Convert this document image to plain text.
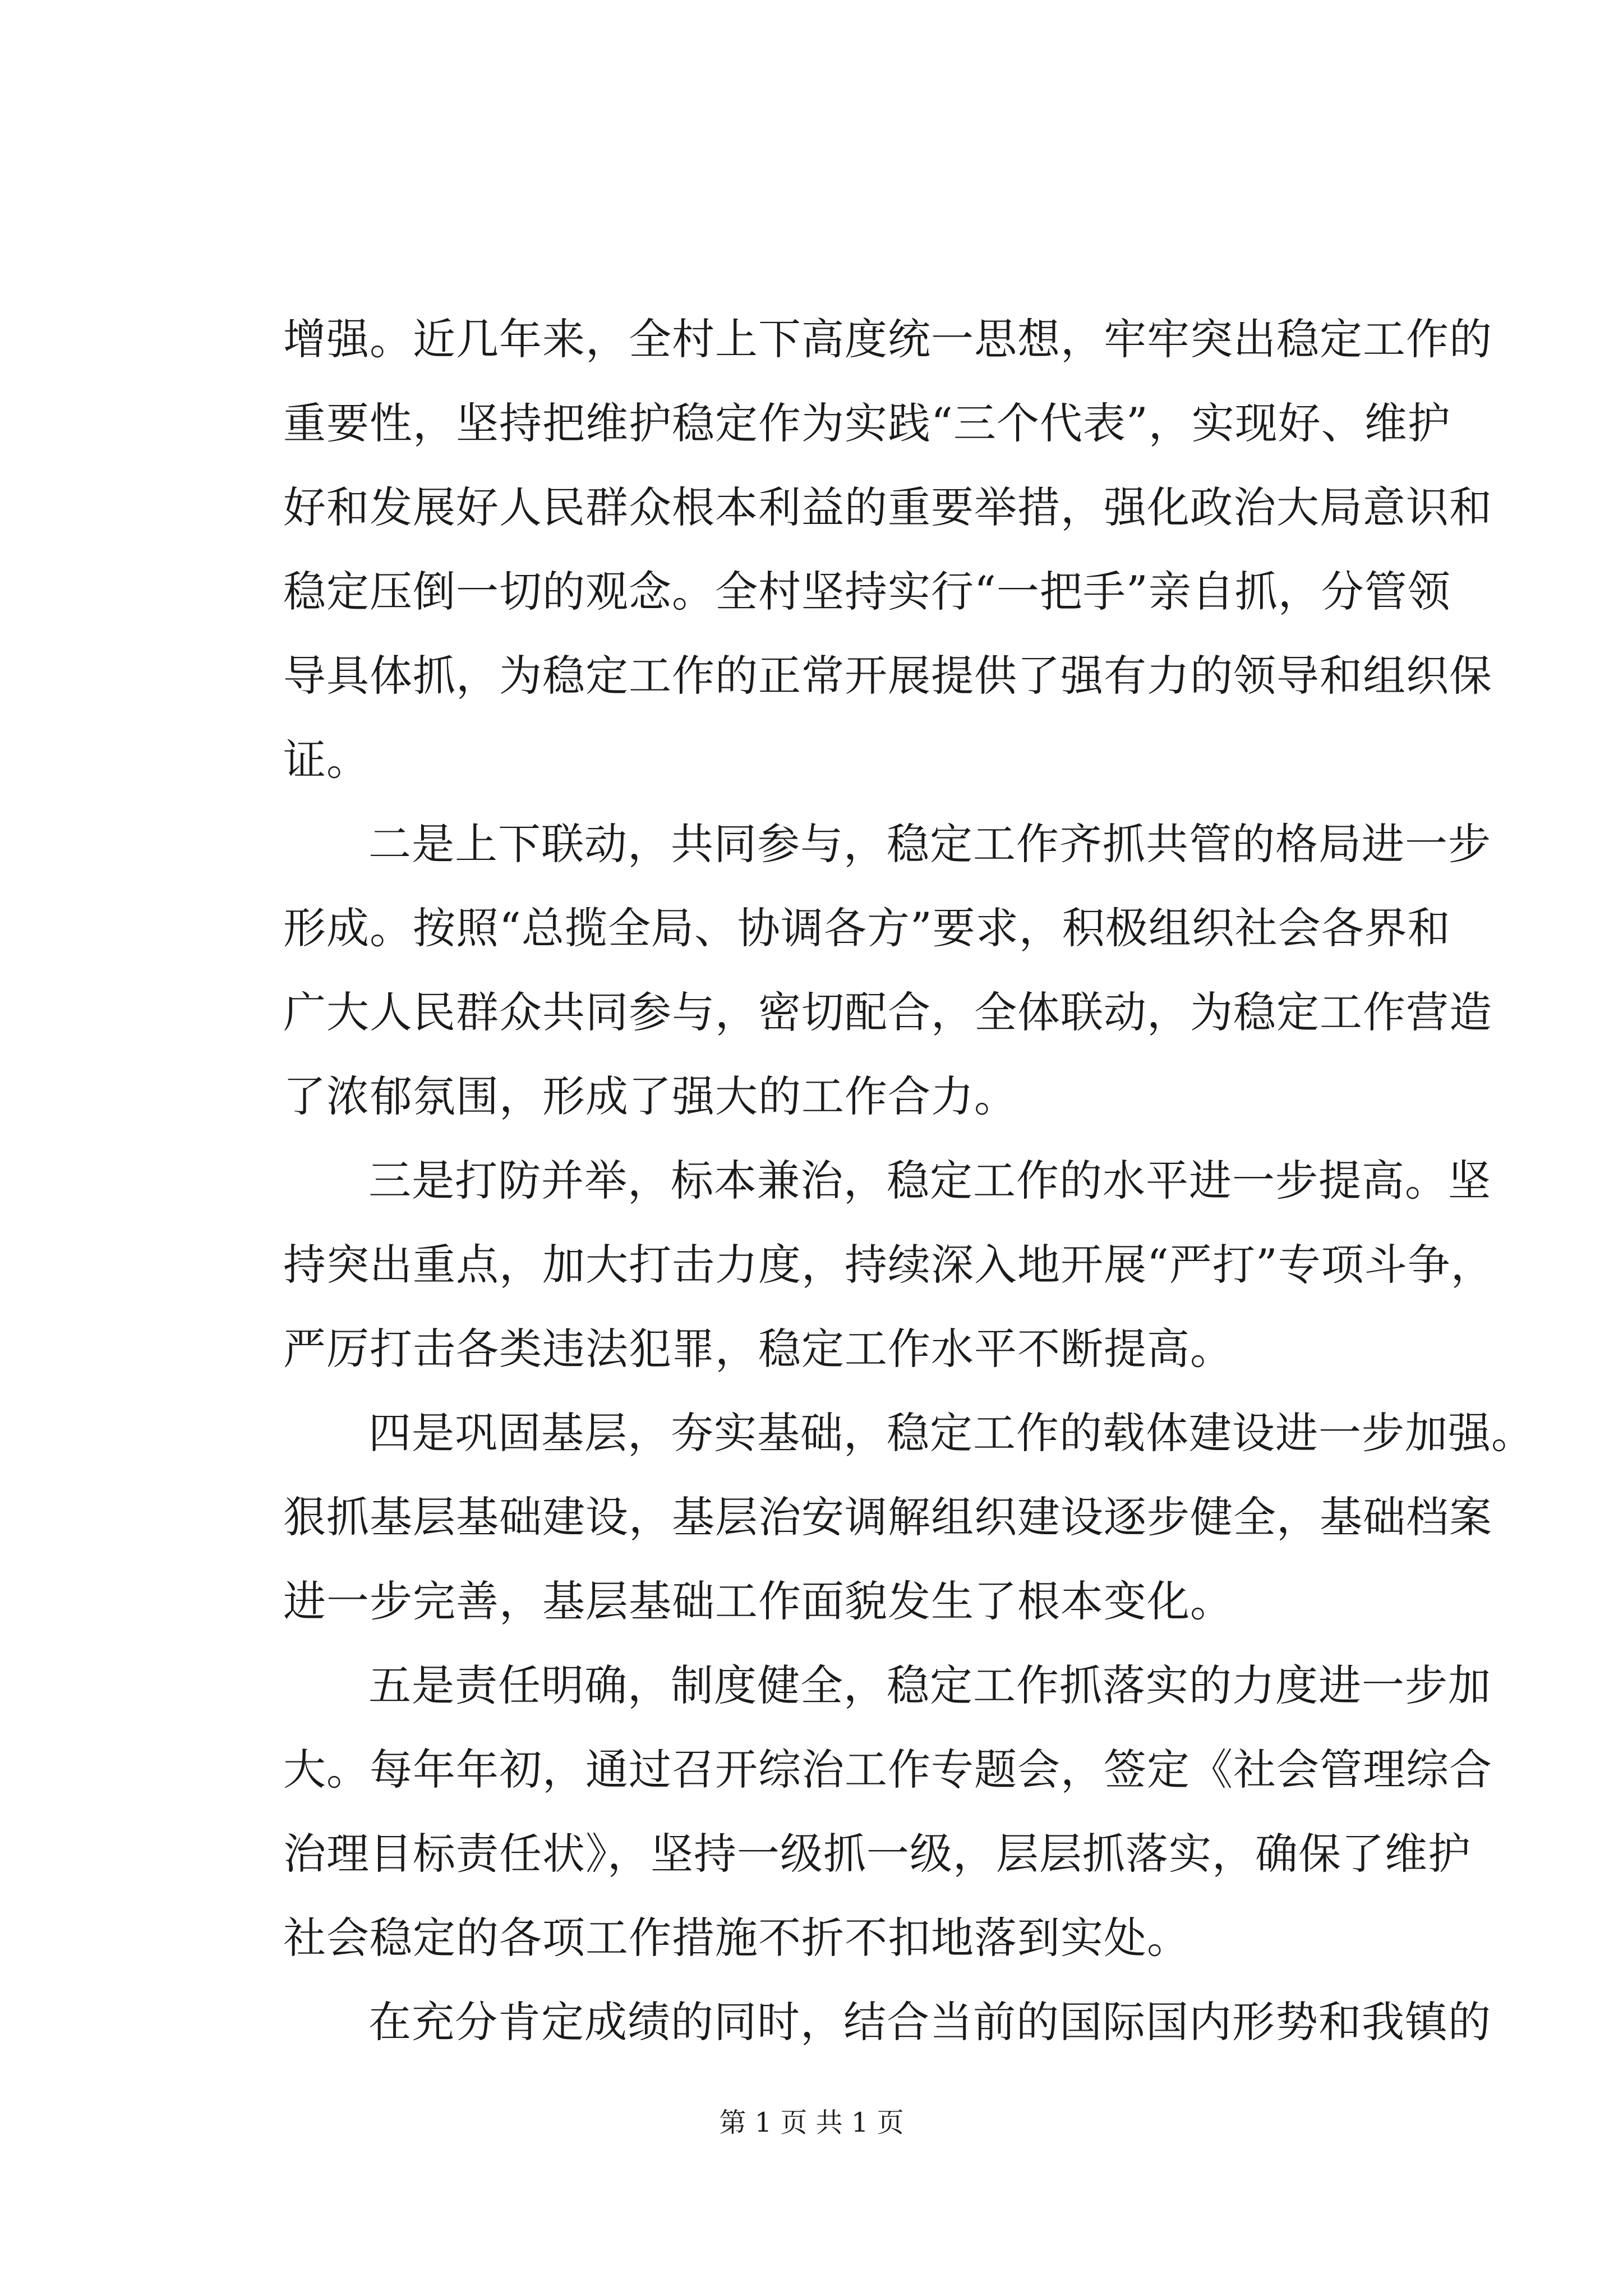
增强。近几年来，全村上下高度统一思想，牢牢突出稳定工作的
重要性，坚持把维护稳定作为实践“三个代表”，实现好、维护
好和发展好人民群众根本利益的重要举措，强化政治大局意识和
稳定压倒一切的观念。全村坚持实行“一把手”亲自抓，分管领
导具体抓，为稳定工作的正常开展提供了强有力的领导和组织保
证。
二是上下联动，共同参与，稳定工作齐抓共管的格局进一步
形成。按照“总揽全局、协调各方”要求，积极组织社会各界和
广大人民群众共同参与，密切配合，全体联动，为稳定工作营造
了浓郁氛围，形成了强大的工作合力。
三是打防并举，标本兼治，稳定工作的水平进一步提高。坚
持突出重点，加大打击力度，持续深入地开展“严打”专项斗争，
严厉打击各类违法犯罪，稳定工作水平不断提高。
四是巩固基层，夯实基础，稳定工作的载体建设进一步加强。
狠抓基层基础建设，基层治安调解组织建设逐步健全，基础档案
进一步完善，基层基础工作面貌发生了根本变化。
五是责任明确，制度健全，稳定工作抓落实的力度进一步加
大。每年年初，通过召开综治工作专题会，签定《社会管理综合
治理目标责任状》，坚持一级抓一级，层层抓落实，确保了维护
社会稳定的各项工作措施不折不扣地落到实处。
在充分肯定成绩的同时，结合当前的国际国内形势和我镇的
第 1 页 共 1 页
